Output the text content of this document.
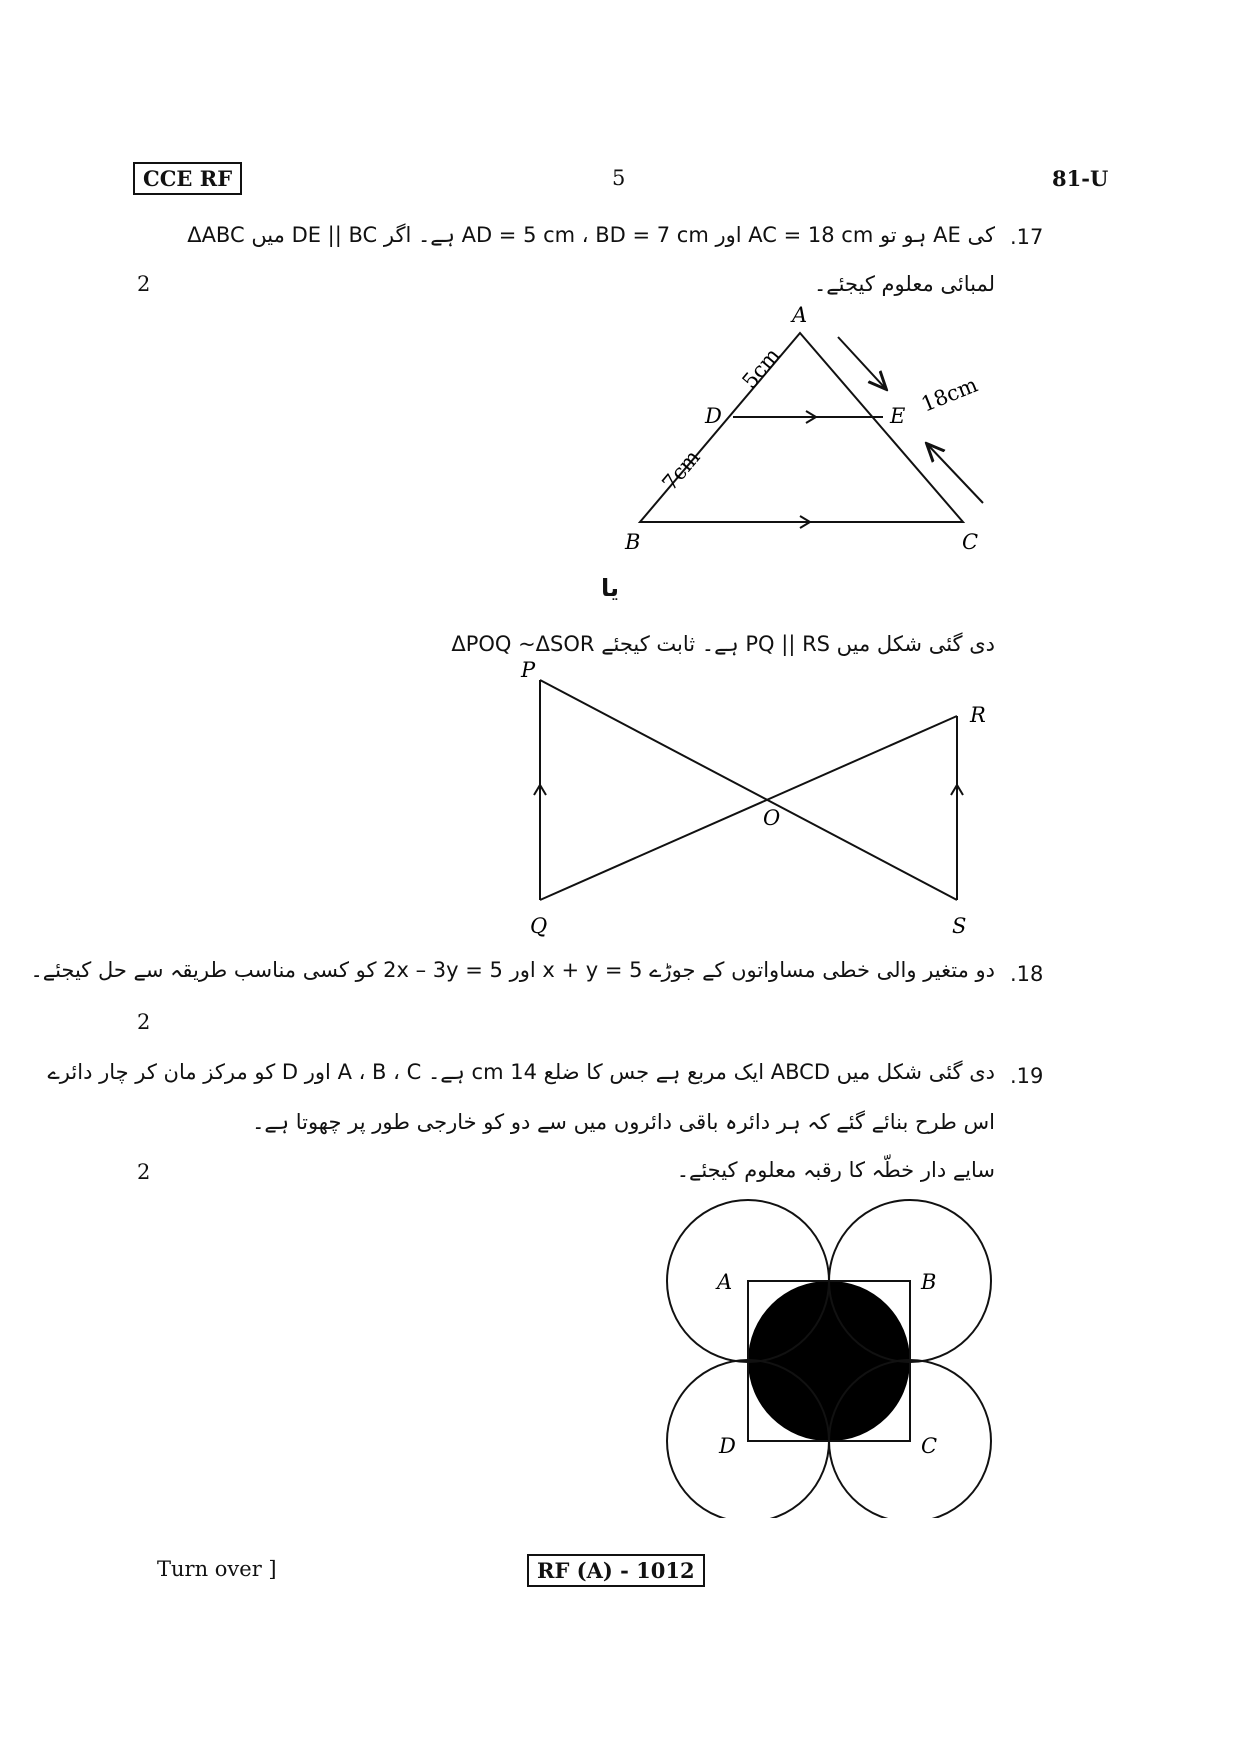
CCE RF	5	81-U
.17
ΔABC میں DE || BC ہے۔ اگر AD = 5 cm ، BD = 7 cm اور AC = 18 cm ہو تو AE کی
لمبائی معلوم کیجئے۔
2
A
B	C
D	E
5cm
7cm
18cm
یا
دی گئی شکل میں PQ || RS ہے۔ ثابت کیجئے ΔPOQ ~ΔSOR
P
Q
R
S
O
.18
دو متغیر والی خطی مساواتوں کے جوڑے x + y = 5 اور 2x – 3y = 5 کو کسی مناسب طریقہ سے حل کیجئے۔
2
.19
دی گئی شکل میں ABCD ایک مربع ہے جس کا ضلع 14 cm ہے۔ A ، B ، C اور D کو مرکز مان کر چار دائرے
اس طرح بنائے گئے کہ ہر دائرہ باقی دائروں میں سے دو کو خارجی طور پر چھوتا ہے۔
سایے دار خطّہ کا رقبہ معلوم کیجئے۔
2
A	B
D	C
Turn over ]	RF (A) - 1012
